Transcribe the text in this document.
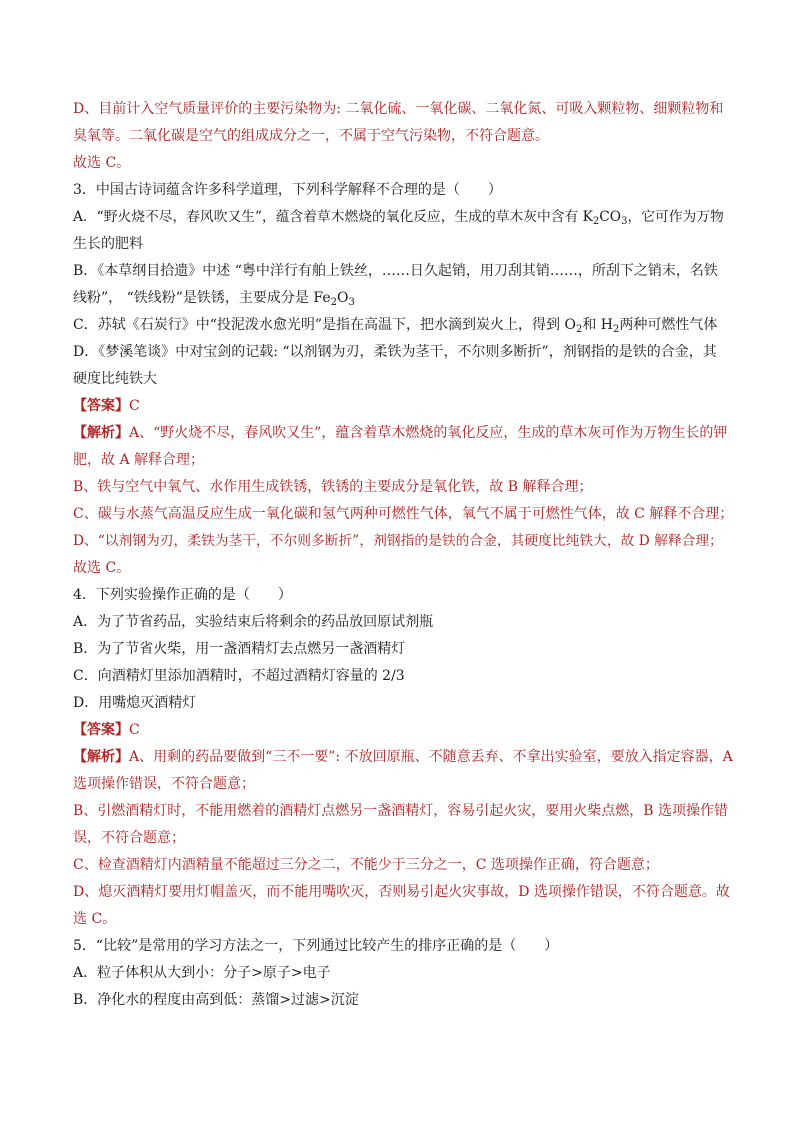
D、目前计入空气质量评价的主要污染物为: 二氧化硫、一氧化碳、二氧化氮、可吸入颗粒物、细颗粒物和

臭氧等。二氧化碳是空气的组成成分之一，不属于空气污染物，不符合题意。

故选 C。

3．中国古诗词蕴含许多科学道理，下列科学解释不合理的是（　　）

A．“野火烧不尽，春风吹又生”，蕴含着草木燃烧的氧化反应，生成的草木灰中含有 $K_2CO_3$，它可作为万物

生长的肥料

B．《本草纲目拾遗》中述 “粤中洋行有舶上铁丝，……日久起销，用刀刮其销……，所刮下之销末，名铁

线粉”， “铁线粉”是铁锈，主要成分是 $Fe_2O_3$

C．苏轼《石炭行》中“投泥泼水愈光明”是指在高温下，把水滴到炭火上，得到 $O_2$和 $H_2$两种可燃性气体

D．《梦溪笔谈》中对宝剑的记载: “以剂钢为刃，柔铁为茎干，不尔则多断折”，剂钢指的是铁的合金，其

硬度比纯铁大

【答案】C

【解析】A、“野火烧不尽，春风吹又生”，蕴含着草木燃烧的氧化反应，生成的草木灰可作为万物生长的钾

肥，故 A 解释合理；

B、铁与空气中氧气、水作用生成铁锈，铁锈的主要成分是氧化铁，故 B 解释合理；

C、碳与水蒸气高温反应生成一氧化碳和氢气两种可燃性气体，氧气不属于可燃性气体，故 C 解释不合理；

D、“以剂钢为刃，柔铁为茎干，不尔则多断折”，剂钢指的是铁的合金，其硬度比纯铁大，故 D 解释合理；

故选 C。

4．下列实验操作正确的是（　　）

A．为了节省药品，实验结束后将剩余的药品放回原试剂瓶

B．为了节省火柴，用一盏酒精灯去点燃另一盏酒精灯

C．向酒精灯里添加酒精时，不超过酒精灯容量的 2/3

D．用嘴熄灭酒精灯

【答案】C

【解析】A、用剩的药品要做到“三不一要”: 不放回原瓶、不随意丢弃、不拿出实验室，要放入指定容器，A

选项操作错误，不符合题意；

B、引燃酒精灯时，不能用燃着的酒精灯点燃另一盏酒精灯，容易引起火灾，要用火柴点燃，B 选项操作错

误，不符合题意；

C、检查酒精灯内酒精量不能超过三分之二，不能少于三分之一，C 选项操作正确，符合题意；

D、熄灭酒精灯要用灯帽盖灭，而不能用嘴吹灭，否则易引起火灾事故，D 选项操作错误，不符合题意。故

选 C。

5．“比较”是常用的学习方法之一，下列通过比较产生的排序正确的是（　　）

A．粒子体积从大到小：分子>原子>电子

B．净化水的程度由高到低：蒸馏>过滤>沉淀
